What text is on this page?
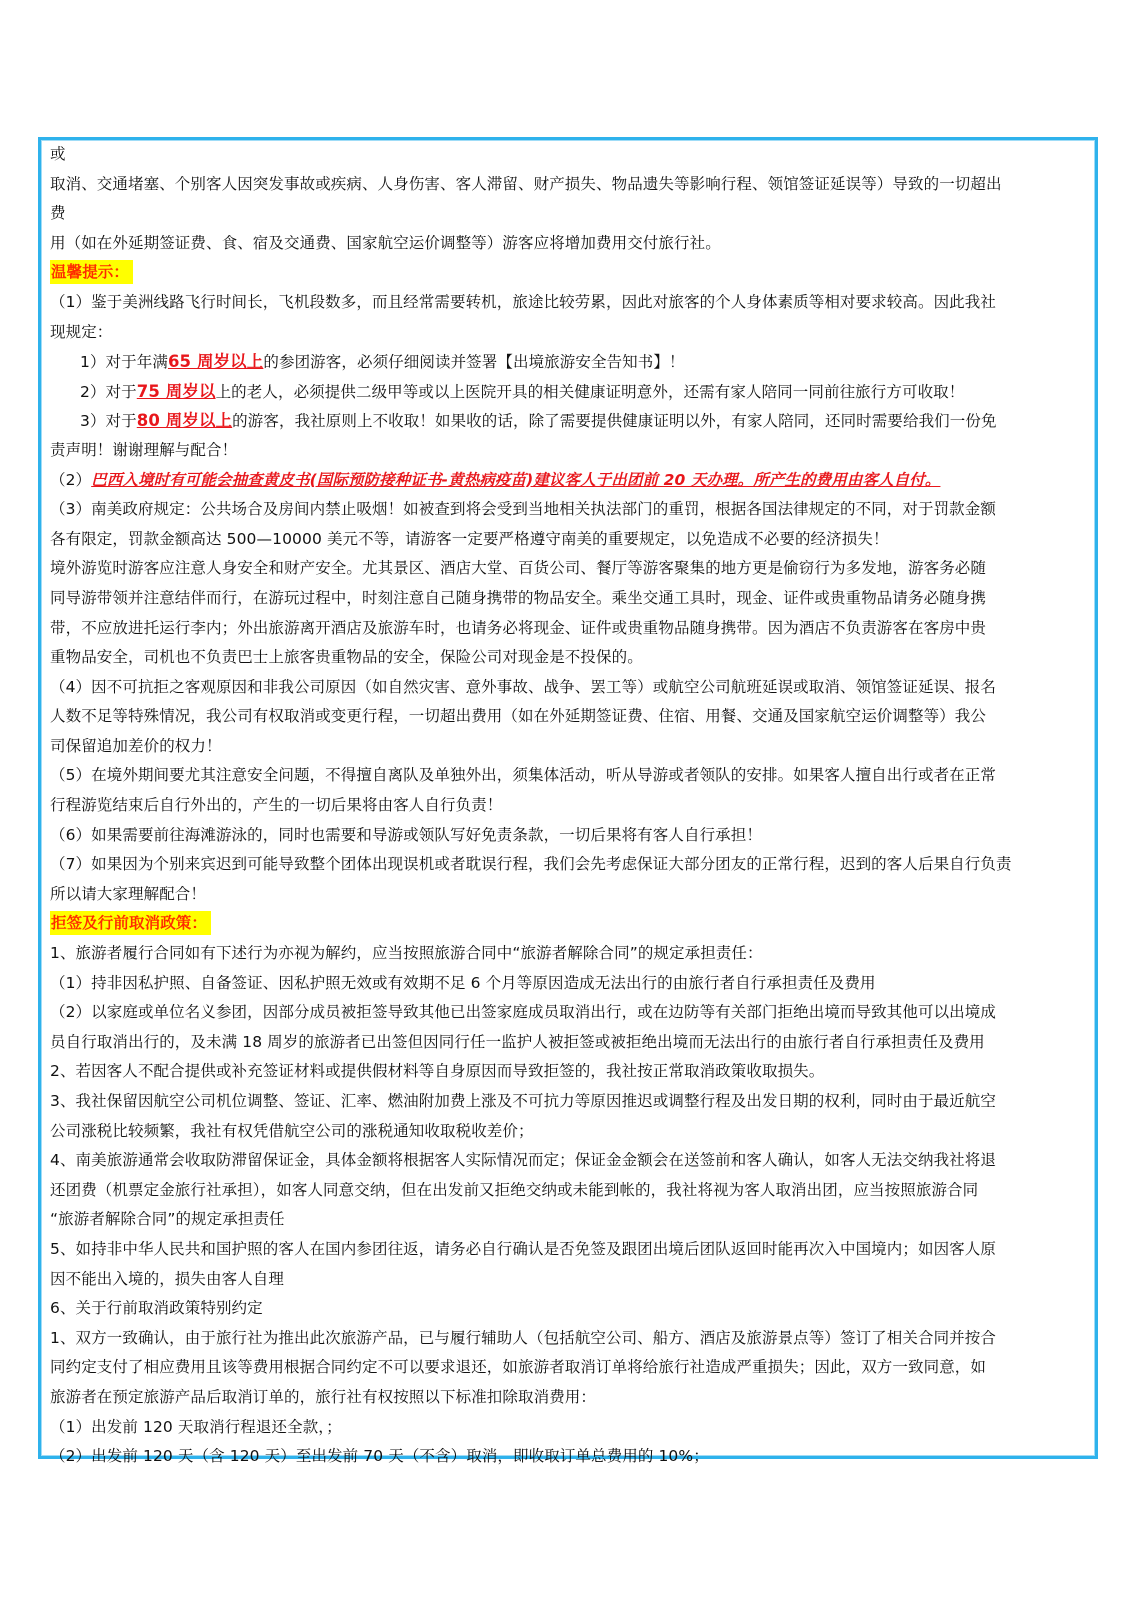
或
取消、交通堵塞、个别客人因突发事故或疾病、人身伤害、客人滞留、财产损失、物品遗失等影响行程、领馆签证延误等）导致的一切超出
费
用（如在外延期签证费、食、宿及交通费、国家航空运价调整等）游客应将增加费用交付旅行社。
温馨提示：
（1）鉴于美洲线路飞行时间长，飞机段数多，而且经常需要转机，旅途比较劳累，因此对旅客的个人身体素质等相对要求较高。因此我社
现规定：
1）对于年满65 周岁以上的参团游客，必须仔细阅读并签署【出境旅游安全告知书】！
2）对于75 周岁以上的老人，必须提供二级甲等或以上医院开具的相关健康证明意外，还需有家人陪同一同前往旅行方可收取！
3）对于80 周岁以上的游客，我社原则上不收取！如果收的话，除了需要提供健康证明以外，有家人陪同，还同时需要给我们一份免
责声明！谢谢理解与配合！
（2）巴西入境时有可能会抽查黄皮书(国际预防接种证书-黄热病疫苗)建议客人于出团前 20 天办理。所产生的费用由客人自付。
（3）南美政府规定：公共场合及房间内禁止吸烟！如被查到将会受到当地相关执法部门的重罚，根据各国法律规定的不同，对于罚款金额
各有限定，罚款金额高达 500—10000 美元不等，请游客一定要严格遵守南美的重要规定，以免造成不必要的经济损失！
境外游览时游客应注意人身安全和财产安全。尤其景区、酒店大堂、百货公司、餐厅等游客聚集的地方更是偷窃行为多发地，游客务必随
同导游带领并注意结伴而行，在游玩过程中，时刻注意自己随身携带的物品安全。乘坐交通工具时，现金、证件或贵重物品请务必随身携
带，不应放进托运行李内；外出旅游离开酒店及旅游车时，也请务必将现金、证件或贵重物品随身携带。因为酒店不负责游客在客房中贵
重物品安全，司机也不负责巴士上旅客贵重物品的安全，保险公司对现金是不投保的。
（4）因不可抗拒之客观原因和非我公司原因（如自然灾害、意外事故、战争、罢工等）或航空公司航班延误或取消、领馆签证延误、报名
人数不足等特殊情况，我公司有权取消或变更行程，一切超出费用（如在外延期签证费、住宿、用餐、交通及国家航空运价调整等）我公
司保留追加差价的权力！
（5）在境外期间要尤其注意安全问题，不得擅自离队及单独外出，须集体活动，听从导游或者领队的安排。如果客人擅自出行或者在正常
行程游览结束后自行外出的，产生的一切后果将由客人自行负责！
（6）如果需要前往海滩游泳的，同时也需要和导游或领队写好免责条款，一切后果将有客人自行承担！
（7）如果因为个别来宾迟到可能导致整个团体出现误机或者耽误行程，我们会先考虑保证大部分团友的正常行程，迟到的客人后果自行负责
所以请大家理解配合！
拒签及行前取消政策：
1、旅游者履行合同如有下述行为亦视为解约，应当按照旅游合同中“旅游者解除合同”的规定承担责任：
（1）持非因私护照、自备签证、因私护照无效或有效期不足 6 个月等原因造成无法出行的由旅行者自行承担责任及费用
（2）以家庭或单位名义参团，因部分成员被拒签导致其他已出签家庭成员取消出行，或在边防等有关部门拒绝出境而导致其他可以出境成
员自行取消出行的，及未满 18 周岁的旅游者已出签但因同行任一监护人被拒签或被拒绝出境而无法出行的由旅行者自行承担责任及费用
2、若因客人不配合提供或补充签证材料或提供假材料等自身原因而导致拒签的，我社按正常取消政策收取损失。
3、我社保留因航空公司机位调整、签证、汇率、燃油附加费上涨及不可抗力等原因推迟或调整行程及出发日期的权利，同时由于最近航空
公司涨税比较频繁，我社有权凭借航空公司的涨税通知收取税收差价；
4、南美旅游通常会收取防滞留保证金，具体金额将根据客人实际情况而定；保证金金额会在送签前和客人确认，如客人无法交纳我社将退
还团费（机票定金旅行社承担），如客人同意交纳，但在出发前又拒绝交纳或未能到帐的，我社将视为客人取消出团，应当按照旅游合同
“旅游者解除合同”的规定承担责任
5、如持非中华人民共和国护照的客人在国内参团往返，请务必自行确认是否免签及跟团出境后团队返回时能再次入中国境内；如因客人原
因不能出入境的，损失由客人自理
6、关于行前取消政策特别约定
1、双方一致确认，由于旅行社为推出此次旅游产品，已与履行辅助人（包括航空公司、船方、酒店及旅游景点等）签订了相关合同并按合
同约定支付了相应费用且该等费用根据合同约定不可以要求退还，如旅游者取消订单将给旅行社造成严重损失；因此，双方一致同意，如
旅游者在预定旅游产品后取消订单的，旅行社有权按照以下标准扣除取消费用：
（1）出发前 120 天取消行程退还全款，；
（2）出发前 120 天（含 120 天）至出发前 70 天（不含）取消，即收取订单总费用的 10%；
